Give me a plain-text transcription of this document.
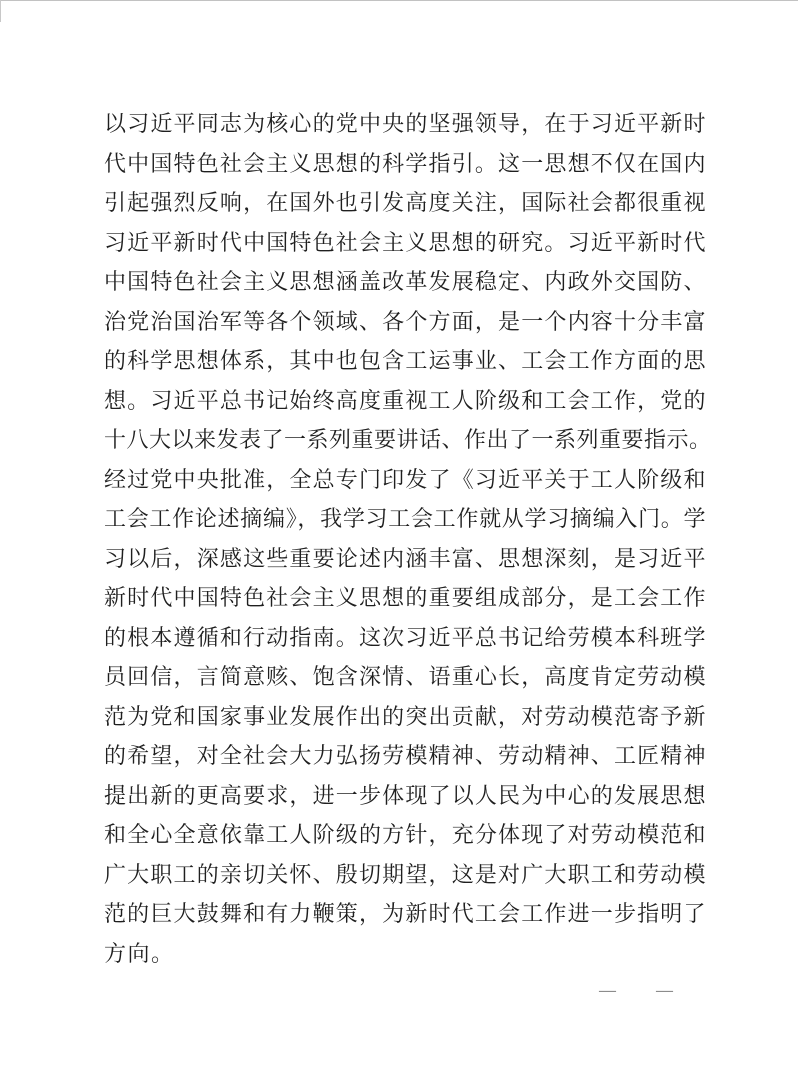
以习近平同志为核心的党中央的坚强领导，在于习近平新时
代中国特色社会主义思想的科学指引。这一思想不仅在国内
引起强烈反响，在国外也引发高度关注，国际社会都很重视
习近平新时代中国特色社会主义思想的研究。习近平新时代
中国特色社会主义思想涵盖改革发展稳定、内政外交国防、
治党治国治军等各个领域、各个方面，是一个内容十分丰富
的科学思想体系，其中也包含工运事业、工会工作方面的思
想。习近平总书记始终高度重视工人阶级和工会工作，党的
十八大以来发表了一系列重要讲话、作出了一系列重要指示。
经过党中央批准，全总专门印发了《习近平关于工人阶级和
工会工作论述摘编》，我学习工会工作就从学习摘编入门。学
习以后，深感这些重要论述内涵丰富、思想深刻，是习近平
新时代中国特色社会主义思想的重要组成部分，是工会工作
的根本遵循和行动指南。这次习近平总书记给劳模本科班学
员回信，言简意赅、饱含深情、语重心长，高度肯定劳动模
范为党和国家事业发展作出的突出贡献，对劳动模范寄予新
的希望，对全社会大力弘扬劳模精神、劳动精神、工匠精神
提出新的更高要求，进一步体现了以人民为中心的发展思想
和全心全意依靠工人阶级的方针，充分体现了对劳动模范和
广大职工的亲切关怀、殷切期望，这是对广大职工和劳动模
范的巨大鼓舞和有力鞭策，为新时代工会工作进一步指明了
方向。
— —
